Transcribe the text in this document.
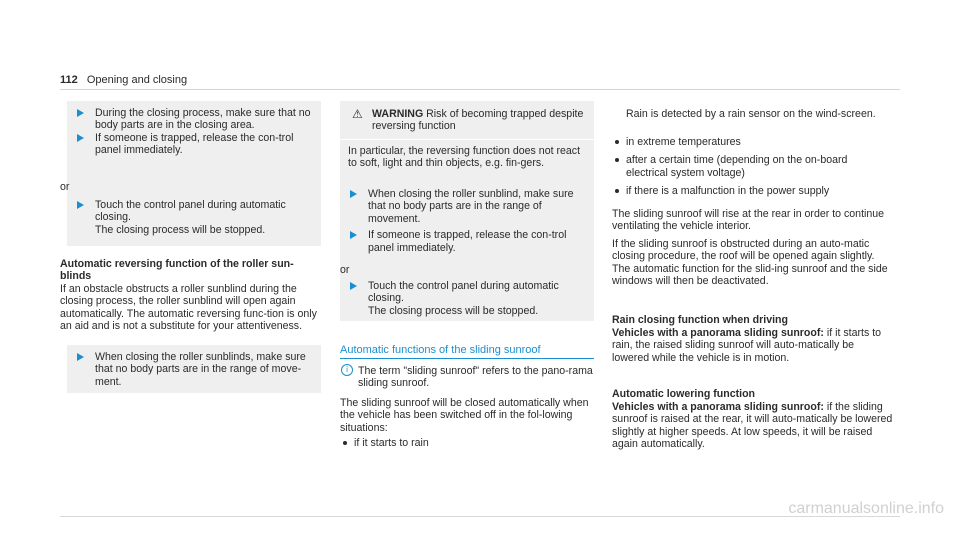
112 Opening and closing
During the closing process, make sure that no body parts are in the closing area.
If someone is trapped, release the con-trol panel immediately.
or
Touch the control panel during automatic closing.
The closing process will be stopped.
Automatic reversing function of the roller sun-blinds
If an obstacle obstructs a roller sunblind during the closing process, the roller sunblind will open again automatically. The automatic reversing func-tion is only an aid and is not a substitute for your attentiveness.
When closing the roller sunblinds, make sure that no body parts are in the range of move-ment.
⚠ WARNING Risk of becoming trapped despite reversing function
In particular, the reversing function does not react to soft, light and thin objects, e.g. fin-gers.
When closing the roller sunblind, make sure that no body parts are in the range of movement.
If someone is trapped, release the con-trol panel immediately.
or
Touch the control panel during automatic closing.
The closing process will be stopped.
Automatic functions of the sliding sunroof
i The term "sliding sunroof" refers to the pano-rama sliding sunroof.
The sliding sunroof will be closed automatically when the vehicle has been switched off in the fol-lowing situations:
if it starts to rain
Rain is detected by a rain sensor on the wind-screen.
in extreme temperatures
after a certain time (depending on the on-board electrical system voltage)
if there is a malfunction in the power supply
The sliding sunroof will rise at the rear in order to continue ventilating the vehicle interior.
If the sliding sunroof is obstructed during an auto-matic closing procedure, the roof will be opened again slightly. The automatic function for the slid-ing sunroof and the side windows will then be deactivated.
Rain closing function when driving
Vehicles with a panorama sliding sunroof: if it starts to rain, the raised sliding sunroof will auto-matically be lowered while the vehicle is in motion.
Automatic lowering function
Vehicles with a panorama sliding sunroof: if the sliding sunroof is raised at the rear, it will auto-matically be lowered slightly at higher speeds. At low speeds, it will be raised again automatically.
carmanualsonline.info
